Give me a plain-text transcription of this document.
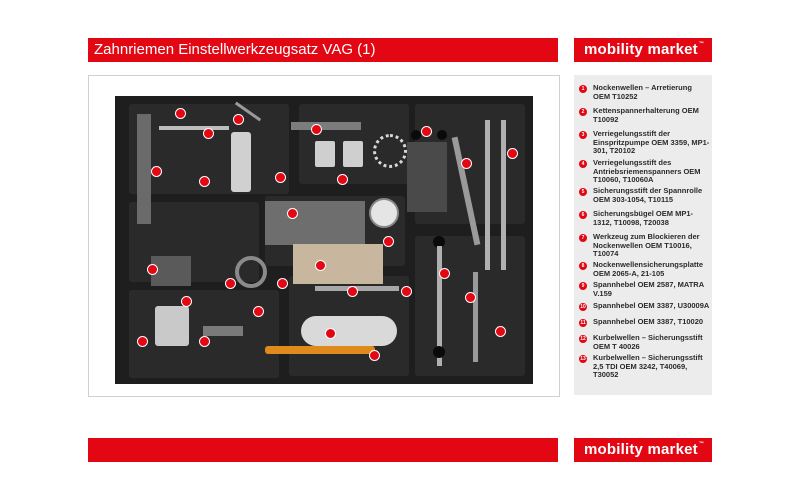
Zahnriemen Einstellwerkzeugsatz VAG (1)	mobility market™
1	Nockenwellen – Arretierung OEM T10252
2	Kettenspannerhalterung OEM T10092
3	Verriegelungsstift der Einspritzpumpe OEM 3359, MP1-301, T20102
4	Verriegelungsstift des Antriebsriemenspanners OEM T10060, T10060A
5	Sicherungsstift der Spannrolle OEM 303-1054, T10115
6	Sicherungsbügel OEM MP1-1312, T10098, T20038
7	Werkzeug zum Blockieren der Nockenwellen OEM T10016, T10074
8	Nockenwellensicherungsplatte OEM 2065-A, 21-105
9	Spannhebel OEM 2587, MATRA V.159
10 Spannhebel OEM 3387, U30009A
11 Spannhebel OEM 3387, T10020
12 Kurbelwellen – Sicherungsstift OEM T 40026
13 Kurbelwellen – Sicherungsstift 2,5 TDI OEM 3242, T40069, T30052
mobility market™
